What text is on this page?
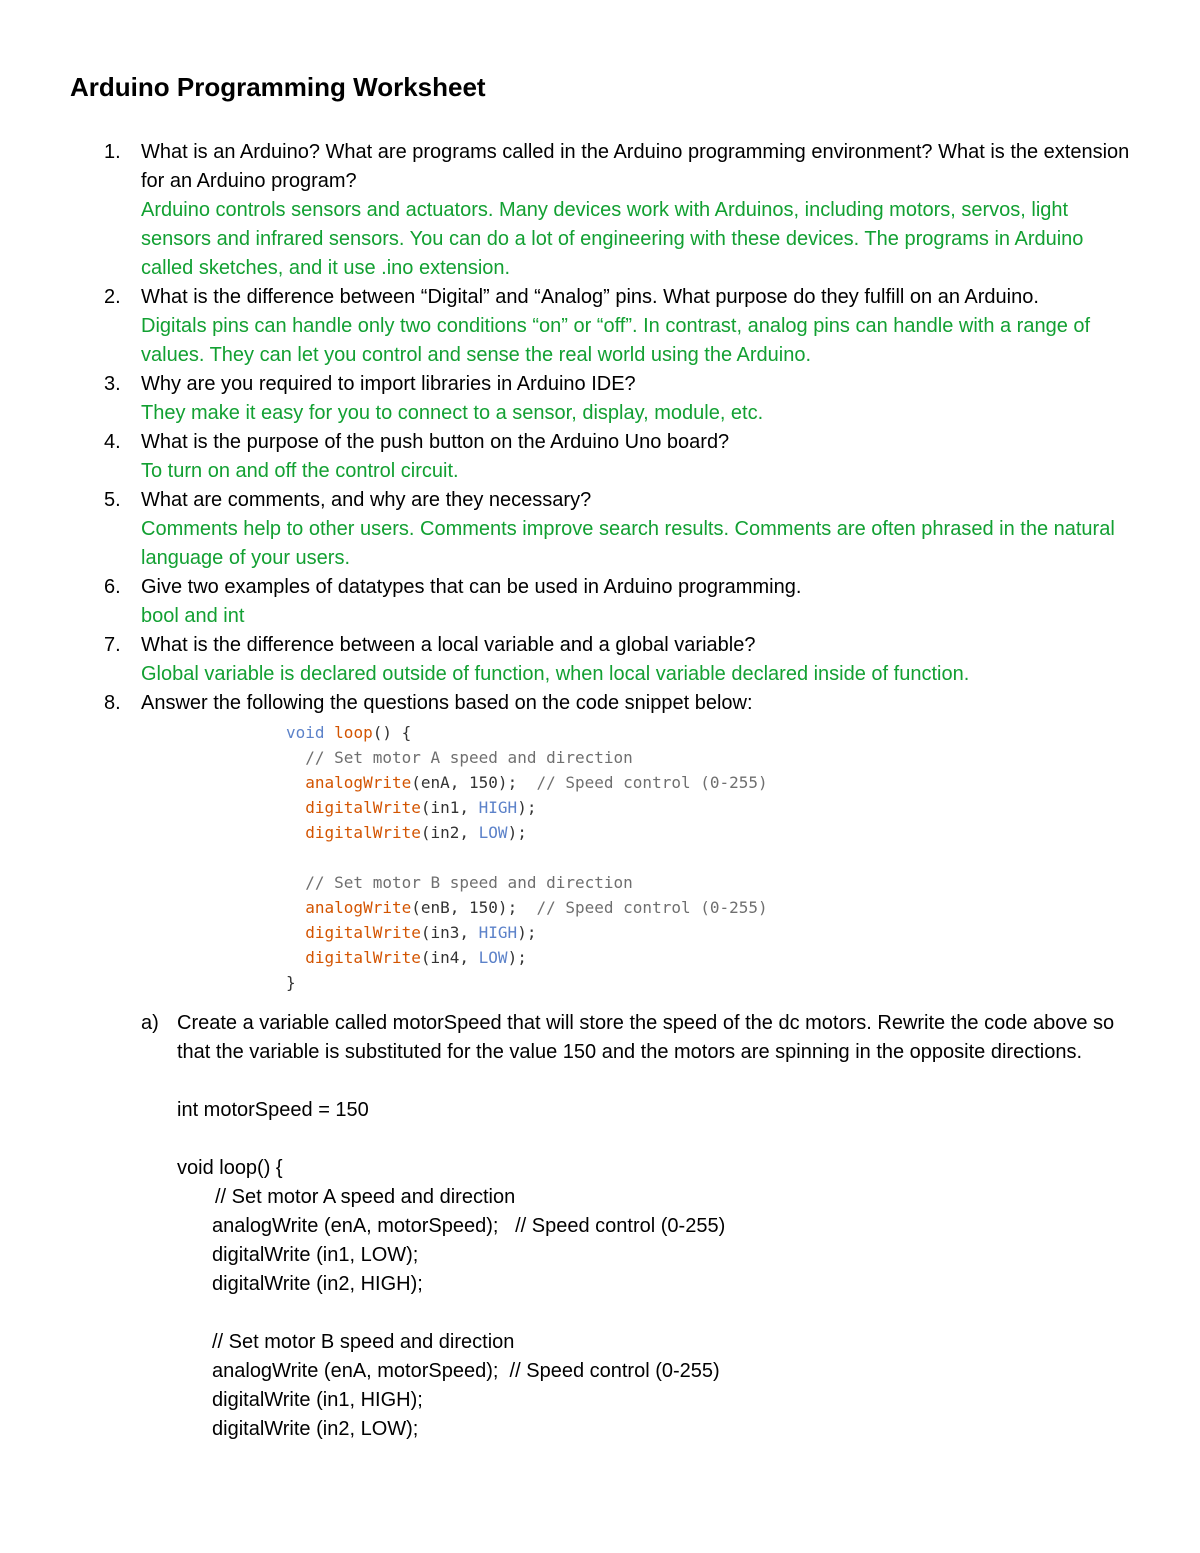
Arduino Programming Worksheet
1. What is an Arduino? What are programs called in the Arduino programming environment? What is the extension for an Arduino program?
Arduino controls sensors and actuators. Many devices work with Arduinos, including motors, servos, light sensors and infrared sensors. You can do a lot of engineering with these devices. The programs in Arduino called sketches, and it use .ino extension.
2. What is the difference between “Digital” and “Analog” pins. What purpose do they fulfill on an Arduino.
Digitals pins can handle only two conditions “on” or “off”. In contrast, analog pins can handle with a range of values. They can let you control and sense the real world using the Arduino.
3. Why are you required to import libraries in Arduino IDE?
They make it easy for you to connect to a sensor, display, module, etc.
4. What is the purpose of the push button on the Arduino Uno board?
To turn on and off the control circuit.
5. What are comments, and why are they necessary?
Comments help to other users. Comments improve search results. Comments are often phrased in the natural language of your users.
6. Give two examples of datatypes that can be used in Arduino programming.
bool and int
7. What is the difference between a local variable and a global variable?
Global variable is declared outside of function, when local variable declared inside of function.
8. Answer the following the questions based on the code snippet below:
void loop() {
// Set motor A speed and direction
analogWrite(enA, 150); // Speed control (0-255)
digitalWrite(in1, HIGH);
digitalWrite(in2, LOW);

// Set motor B speed and direction
analogWrite(enB, 150); // Speed control (0-255)
digitalWrite(in3, HIGH);
digitalWrite(in4, LOW);
}
a) Create a variable called motorSpeed that will store the speed of the dc motors. Rewrite the code above so that the variable is substituted for the value 150 and the motors are spinning in the opposite directions.
int motorSpeed = 150

void loop() {
// Set motor A speed and direction
analogWrite (enA, motorSpeed);   // Speed control (0-255)
digitalWrite (in1, LOW);
digitalWrite (in2, HIGH);

// Set motor B speed and direction
analogWrite (enA, motorSpeed);  // Speed control (0-255)
digitalWrite (in1, HIGH);
digitalWrite (in2, LOW);
